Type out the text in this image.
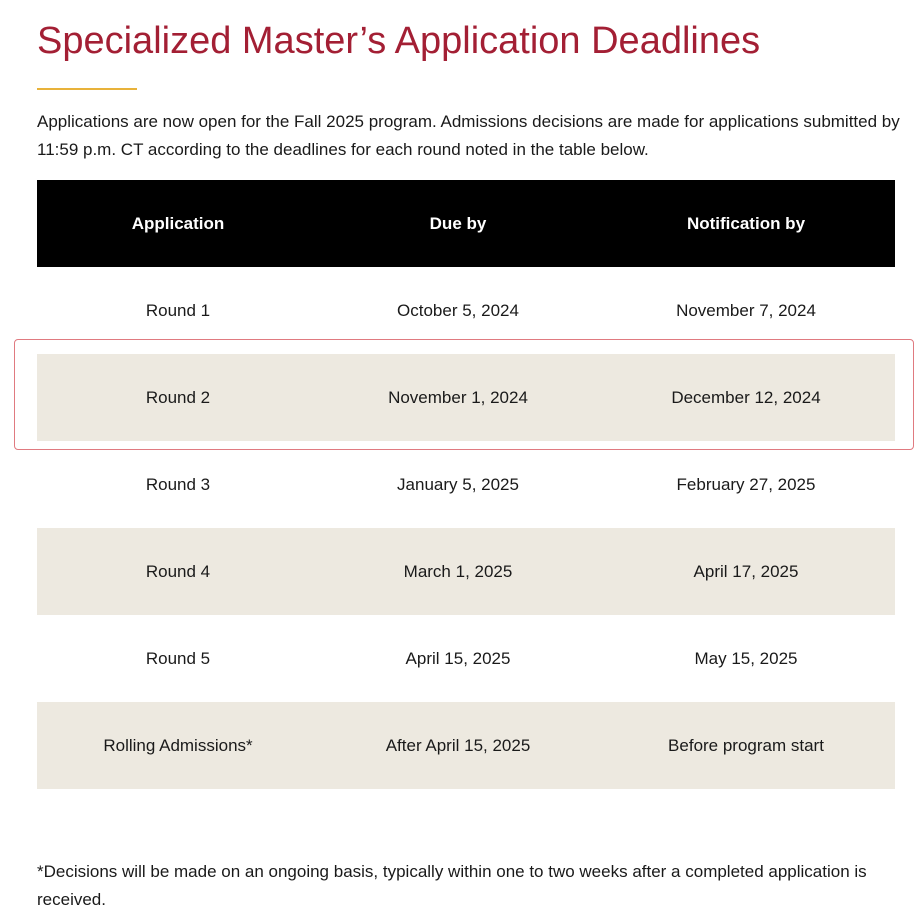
Specialized Master’s Application Deadlines

Applications are now open for the Fall 2025 program. Admissions decisions are made for applications submitted by 11:59 p.m. CT according to the deadlines for each round noted in the table below.

Application	Due by	Notification by
Round 1	October 5, 2024	November 7, 2024
Round 2	November 1, 2024	December 12, 2024
Round 3	January 5, 2025	February 27, 2025
Round 4	March 1, 2025	April 17, 2025
Round 5	April 15, 2025	May 15, 2025
Rolling Admissions*	After April 15, 2025	Before program start

*Decisions will be made on an ongoing basis, typically within one to two weeks after a completed application is received.
